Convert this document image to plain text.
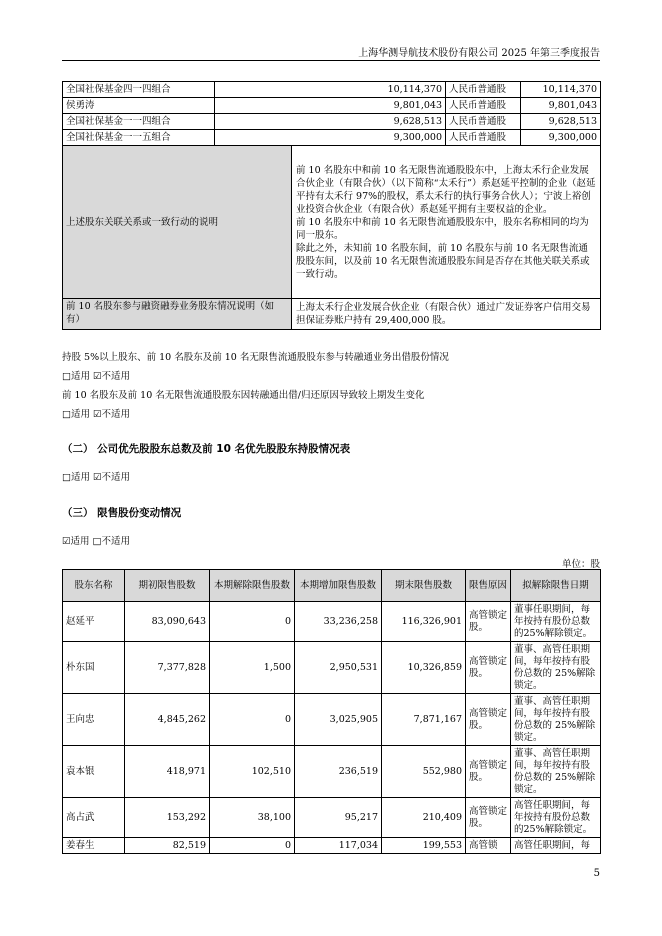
上海华测导航技术股份有限公司 2025 年第三季度报告
全国社保基金四一四组合	10,114,370		人民币普通股	10,114,370
侯勇涛	9,801,043		人民币普通股	9,801,043
全国社保基金一一四组合	9,628,513		人民币普通股	9,628,513
全国社保基金一一五组合	9,300,000		人民币普通股	9,300,000
上述股东关联关系或一致行动的说明		前 10 名股东中和前 10 名无限售流通股股东中，上海太禾行企业发展合伙企业（有限合伙）（以下简称“太禾行”）系赵延平控制的企业（赵延平持有太禾行 97%的股权，系太禾行的执行事务合伙人）；宁波上裕创业投资合伙企业（有限合伙）系赵延平拥有主要权益的企业。
前 10 名股东中和前 10 名无限售流通股股东中，股东名称相同的均为同一股东。
除此之外，未知前 10 名股东间，前 10 名股东与前 10 名无限售流通股股东间，以及前 10 名无限售流通股股东间是否存在其他关联关系或一致行动。		

前 10 名股东参与融资融券业务股东情况说明（如有）		上海太禾行企业发展合伙企业（有限合伙）通过广发证券客户信用交易担保证券账户持有 29,400,000 股。		
持股 5%以上股东、前 10 名股东及前 10 名无限售流通股股东参与转融通业务出借股份情况
□适用 ☑不适用
前 10 名股东及前 10 名无限售流通股股东因转融通出借/归还原因导致较上期发生变化
□适用 ☑不适用
（二） 公司优先股股东总数及前 10 名优先股股东持股情况表
□适用 ☑不适用
（三） 限售股份变动情况
☑适用 □不适用
单位：股
股东名称	期初限售股数	本期解除限售股数	本期增加限售股数	期末限售股数	限售原因	拟解除限售日期
赵延平	83,090,643	0	33,236,258	116,326,901	高管锁定股。	董事任职期间，每年按持有股份总数的25%解除锁定。
朴东国	7,377,828	1,500	2,950,531	10,326,859	高管锁定股。	董事、高管任职期间，每年按持有股份总数的 25%解除锁定。
王向忠	4,845,262	0	3,025,905	7,871,167	高管锁定股。	董事、高管任职期间，每年按持有股份总数的 25%解除锁定。
袁本银	418,971	102,510	236,519	552,980	高管锁定股。	董事、高管任职期间，每年按持有股份总数的 25%解除锁定。
高占武	153,292	38,100	95,217	210,409	高管锁定股。	高管任职期间，每年按持有股份总数的25%解除锁定。
姜春生	82,519	0	117,034	199,553	高管锁	高管任职期间，每
5
